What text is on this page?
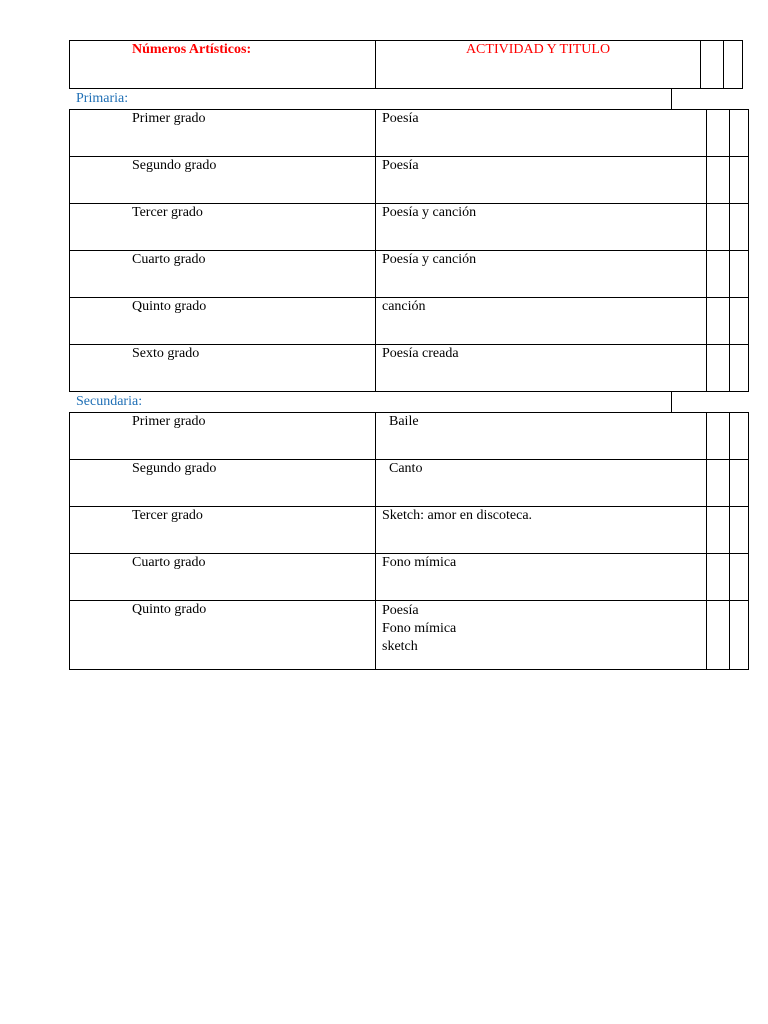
Números Artísticos:	ACTIVIDAD Y TITULO		
Primaria:
Primer grado	Poesía		
Segundo grado	Poesía		
Tercer grado	Poesía y canción		
Cuarto grado	Poesía y canción		
Quinto grado	canción		
Sexto grado	Poesía creada		
Secundaria:
Primer grado	Baile		
Segundo grado	Canto		
Tercer grado	Sketch: amor en discoteca.		
Cuarto grado	Fono mímica		
Quinto grado	Poesía
Fono mímica
sketch		
